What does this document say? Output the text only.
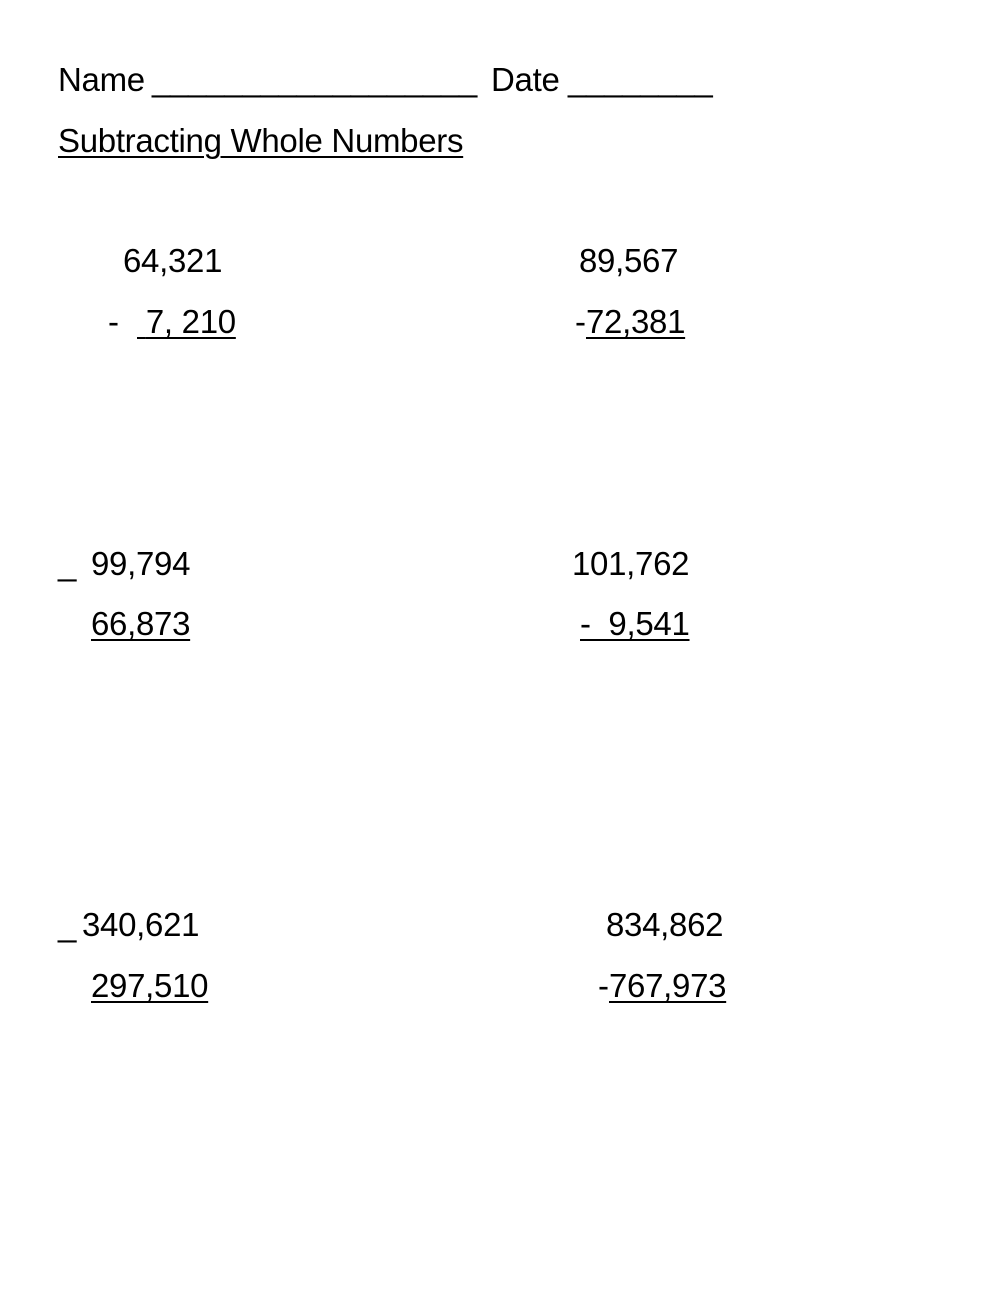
Name __________________ Date ________
Subtracting Whole Numbers
64,321
- 7, 210
89,567
- 72,381
_ 99,794
66,873
101,762
-  9,541
_ 340,621
297,510
834,862
- 767,973
